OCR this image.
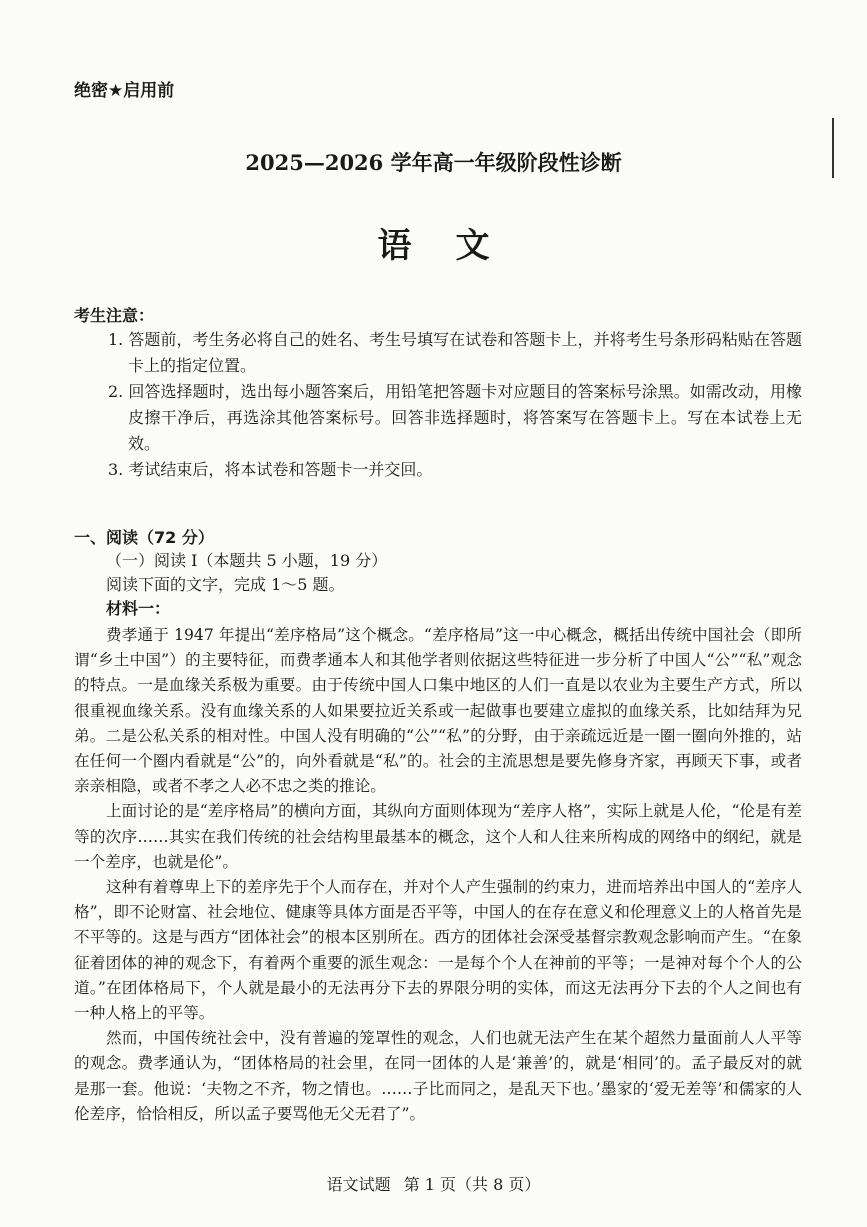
绝密★启用前
2025—2026 学年高一年级阶段性诊断
语文
考生注意：
1. 答题前，考生务必将自己的姓名、考生号填写在试卷和答题卡上，并将考生号条形码粘贴在答题卡上的指定位置。
2. 回答选择题时，选出每小题答案后，用铅笔把答题卡对应题目的答案标号涂黑。如需改动，用橡皮擦干净后，再选涂其他答案标号。回答非选择题时，将答案写在答题卡上。写在本试卷上无效。
3. 考试结束后，将本试卷和答题卡一并交回。
一、阅读（72 分）
（一）阅读 Ⅰ（本题共 5 小题，19 分）
阅读下面的文字，完成 1～5 题。
材料一：

费孝通于 1947 年提出“差序格局”这个概念。“差序格局”这一中心概念，概括出传统中国社会（即所谓“乡土中国”）的主要特征，而费孝通本人和其他学者则依据这些特征进一步分析了中国人“公”“私”观念的特点。一是血缘关系极为重要。由于传统中国人口集中地区的人们一直是以农业为主要生产方式，所以很重视血缘关系。没有血缘关系的人如果要拉近关系或一起做事也要建立虚拟的血缘关系，比如结拜为兄弟。二是公私关系的相对性。中国人没有明确的“公”“私”的分野，由于亲疏远近是一圈一圈向外推的，站在任何一个圈内看就是“公”的，向外看就是“私”的。社会的主流思想是要先修身齐家，再顾天下事，或者亲亲相隐，或者不孝之人必不忠之类的推论。

上面讨论的是“差序格局”的横向方面，其纵向方面则体现为“差序人格”，实际上就是人伦，“伦是有差等的次序……其实在我们传统的社会结构里最基本的概念，这个人和人往来所构成的网络中的纲纪，就是一个差序，也就是伦”。

这种有着尊卑上下的差序先于个人而存在，并对个人产生强制的约束力，进而培养出中国人的“差序人格”，即不论财富、社会地位、健康等具体方面是否平等，中国人的在存在意义和伦理意义上的人格首先是不平等的。这是与西方“团体社会”的根本区别所在。西方的团体社会深受基督宗教观念影响而产生。“在象征着团体的神的观念下，有着两个重要的派生观念：一是每个个人在神前的平等；一是神对每个个人的公道。”在团体格局下，个人就是最小的无法再分下去的界限分明的实体，而这无法再分下去的个人之间也有一种人格上的平等。

然而，中国传统社会中，没有普遍的笼罩性的观念，人们也就无法产生在某个超然力量面前人人平等的观念。费孝通认为，“团体格局的社会里，在同一团体的人是‘兼善’的，就是‘相同’的。孟子最反对的就是那一套。他说：‘夫物之不齐，物之情也。……子比而同之，是乱天下也。’墨家的‘爱无差等’和儒家的人伦差序，恰恰相反，所以孟子要骂他无父无君了”。

语文试题 第 1 页（共 8 页）
